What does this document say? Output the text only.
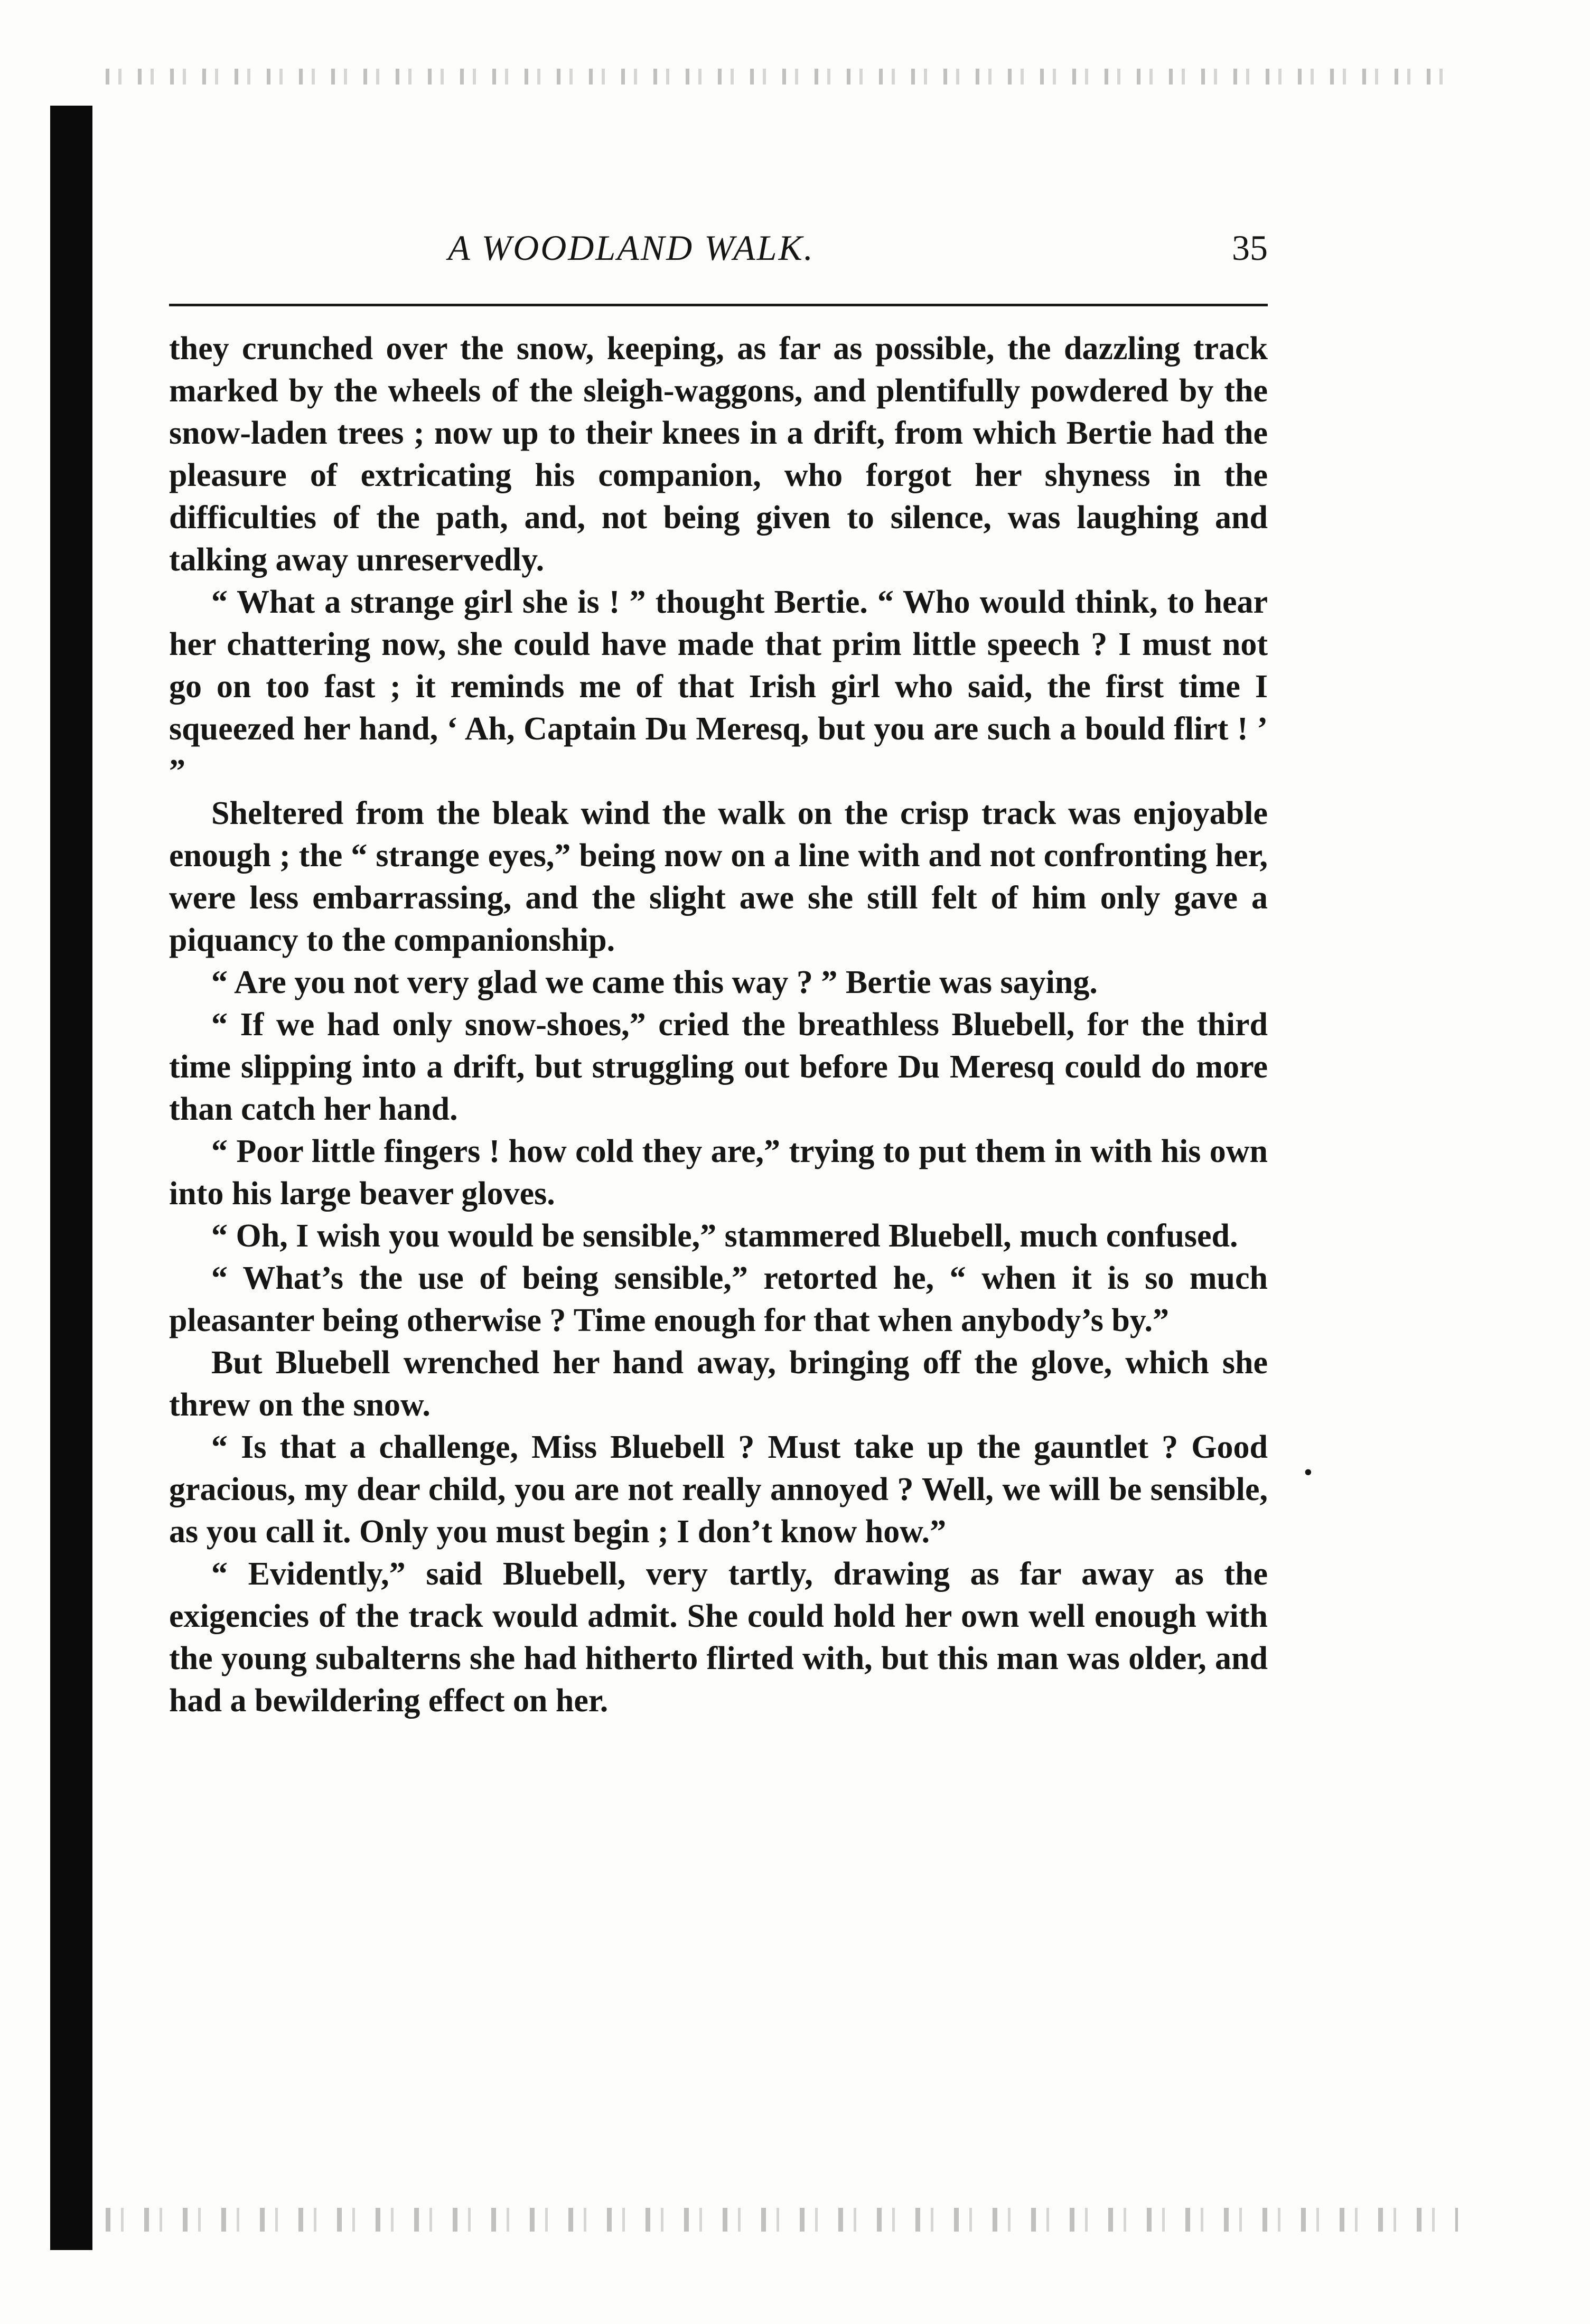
A WOODLAND WALK.	35

they crunched over the snow, keeping, as far as possible, the dazzling track marked by the wheels of the sleigh-waggons, and plentifully powdered by the snow-laden trees ; now up to their knees in a drift, from which Bertie had the pleasure of extricating his companion, who forgot her shyness in the difficulties of the path, and, not being given to silence, was laughing and talking away unreservedly.

“ What a strange girl she is ! ” thought Bertie. “ Who would think, to hear her chattering now, she could have made that prim little speech ? I must not go on too fast ; it reminds me of that Irish girl who said, the first time I squeezed her hand, ‘ Ah, Captain Du Meresq, but you are such a bould flirt ! ’ ”

Sheltered from the bleak wind the walk on the crisp track was enjoyable enough ; the “ strange eyes,” being now on a line with and not confronting her, were less embarrassing, and the slight awe she still felt of him only gave a piquancy to the companionship.

“ Are you not very glad we came this way ? ” Bertie was saying.

“ If we had only snow-shoes,” cried the breathless Bluebell, for the third time slipping into a drift, but struggling out before Du Meresq could do more than catch her hand.

“ Poor little fingers ! how cold they are,” trying to put them in with his own into his large beaver gloves.

“ Oh, I wish you would be sensible,” stammered Bluebell, much confused.

“ What’s the use of being sensible,” retorted he, “ when it is so much pleasanter being otherwise ? Time enough for that when anybody’s by.”

But Bluebell wrenched her hand away, bringing off the glove, which she threw on the snow.

“ Is that a challenge, Miss Bluebell ? Must take up the gauntlet ? Good gracious, my dear child, you are not really annoyed ? Well, we will be sensible, as you call it. Only you must begin ; I don’t know how.”

“ Evidently,” said Bluebell, very tartly, drawing as far away as the exigencies of the track would admit. She could hold her own well enough with the young subalterns she had hitherto flirted with, but this man was older, and had a bewildering effect on her.

•
